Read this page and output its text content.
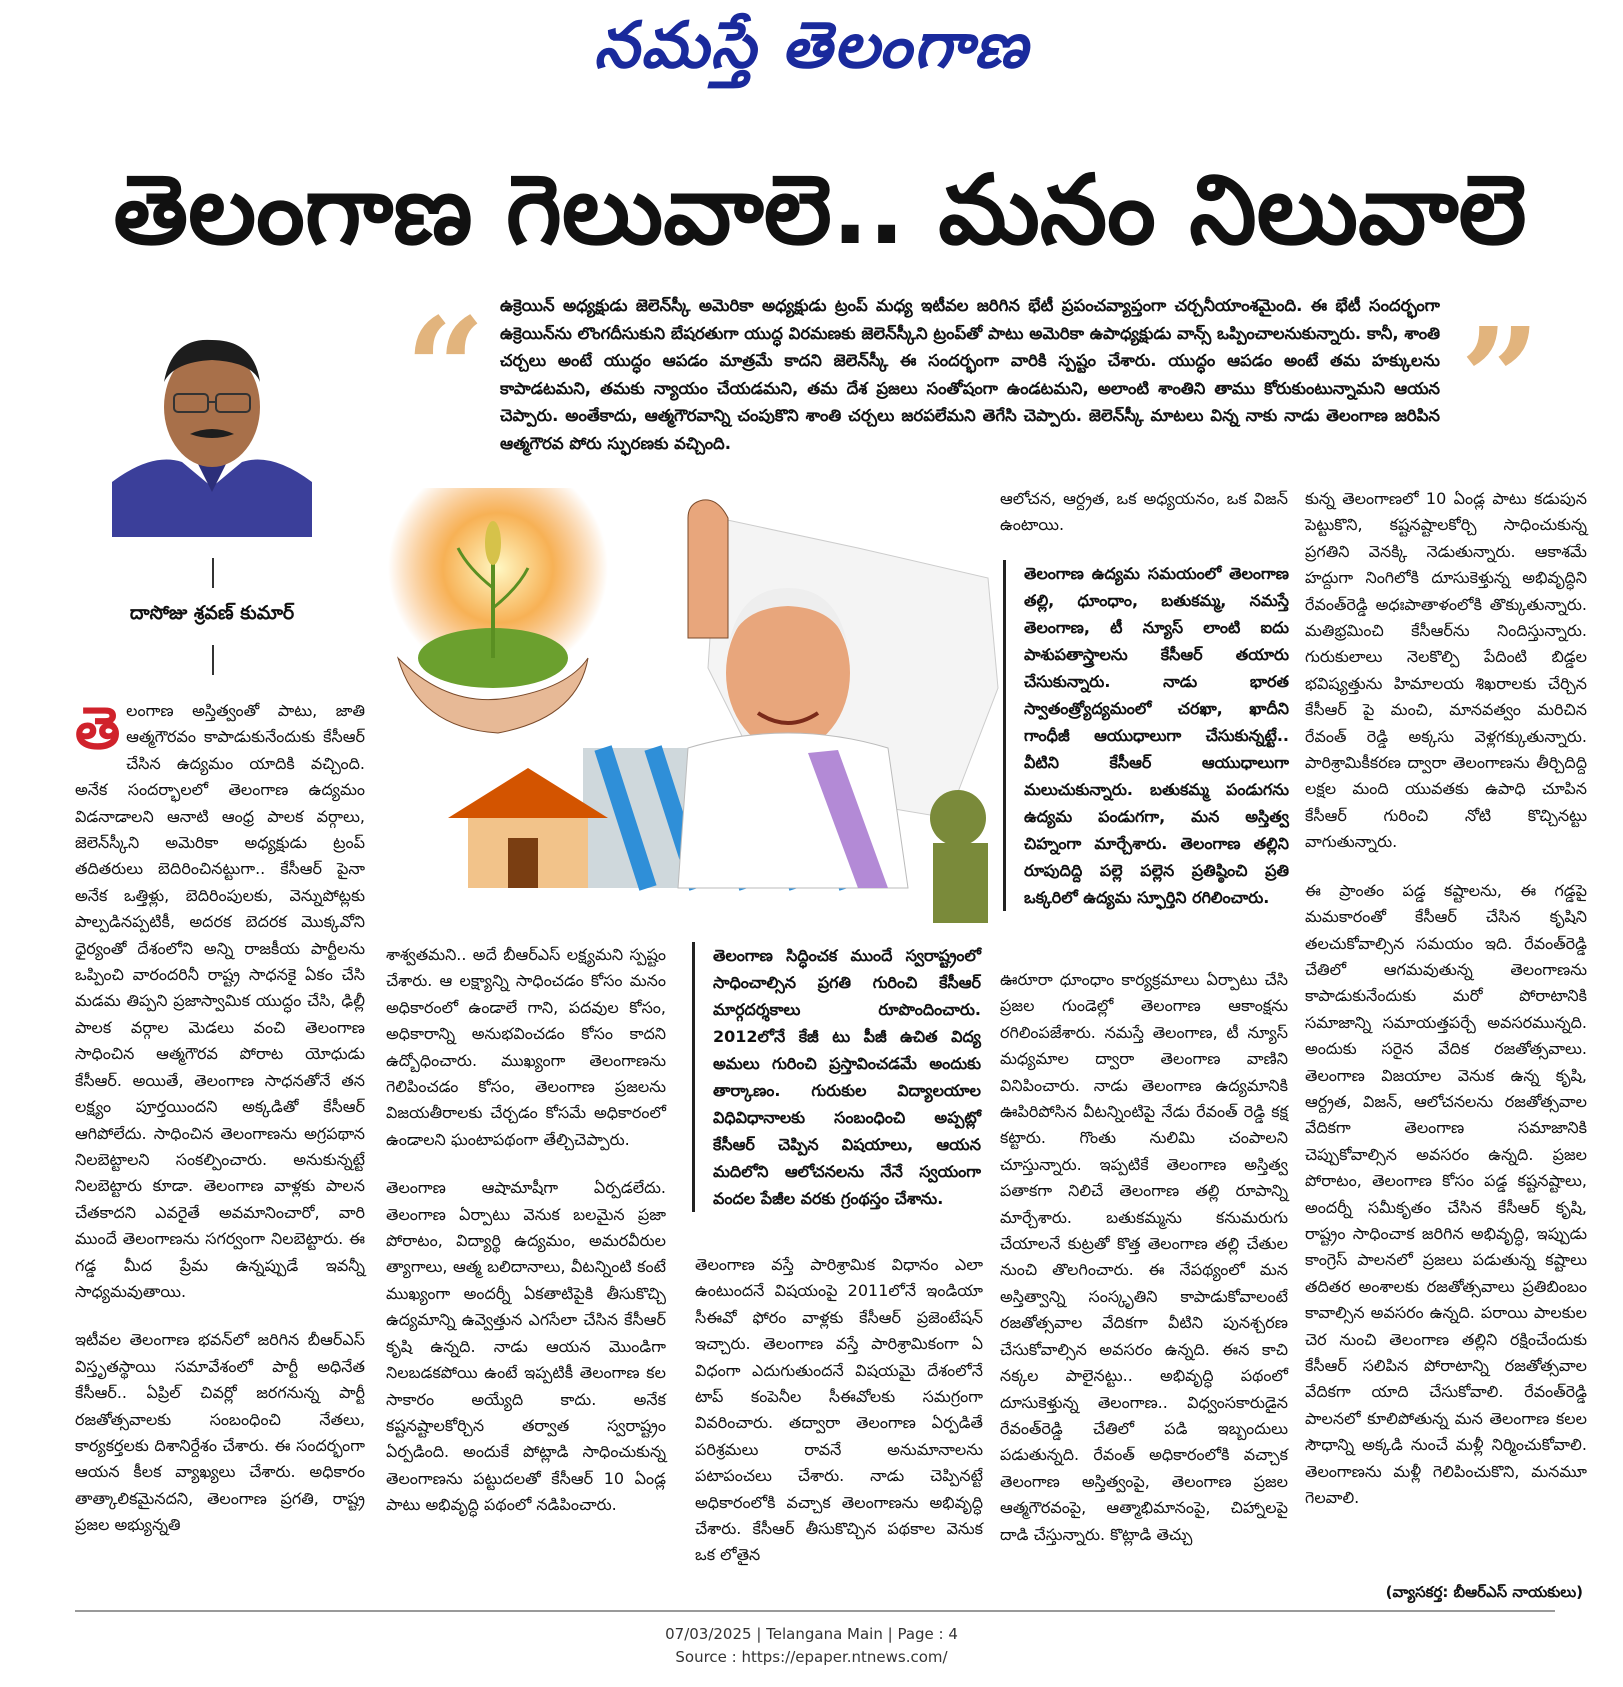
నమస్తే తెలంగాణ
తెలంగాణ గెలువాలె.. మనం నిలువాలె
“	”
ఉక్రెయిన్ అధ్యక్షుడు జెలెన్‌స్కీ అమెరికా అధ్యక్షుడు ట్రంప్ మధ్య ఇటీవల జరిగిన భేటీ ప్రపంచవ్యాప్తంగా చర్చనీయాంశమైంది. ఈ భేటీ సందర్భంగా ఉక్రెయిన్‌ను లొంగదీసుకుని బేషరతుగా యుద్ధ విరమణకు జెలెన్‌స్కీని ట్రంప్‌తో పాటు అమెరికా ఉపాధ్యక్షుడు వాన్స్ ఒప్పించాలనుకున్నారు. కానీ, శాంతి చర్చలు అంటే యుద్ధం ఆపడం మాత్రమే కాదని జెలెన్‌స్కీ ఈ సందర్భంగా వారికి స్పష్టం చేశారు. యుద్ధం ఆపడం అంటే తమ హక్కులను కాపాడటమని, తమకు న్యాయం చేయడమని, తమ దేశ ప్రజలు సంతోషంగా ఉండటమని, అలాంటి శాంతిని తాము కోరుకుంటున్నామని ఆయన చెప్పారు. అంతేకాదు, ఆత్మగౌరవాన్ని చంపుకొని శాంతి చర్చలు జరపలేమని తెగేసి చెప్పారు. జెలెన్‌స్కీ మాటలు విన్న నాకు నాడు తెలంగాణ జరిపిన ఆత్మగౌరవ పోరు స్ఫురణకు వచ్చింది.
దాసోజు శ్రవణ్ కుమార్

తెలంగాణ అస్తిత్వంతో పాటు, జాతి ఆత్మగౌరవం కాపాడుకునేందుకు కేసీఆర్ చేసిన ఉద్యమం యాదికి వచ్చింది. అనేక సందర్భాలలో తెలంగాణ ఉద్యమం విడనాడాలని ఆనాటి ఆంధ్ర పాలక వర్గాలు, జెలెన్‌స్కీని అమెరికా అధ్యక్షుడు ట్రంప్ తదితరులు బెదిరించినట్టుగా.. కేసీఆర్ పైనా అనేక ఒత్తిళ్లు, బెదిరింపులకు, వెన్నుపోట్లకు పాల్పడినప్పటికీ, అదరక బెదరక మొక్కవోని ధైర్యంతో దేశంలోని అన్ని రాజకీయ పార్టీలను ఒప్పించి వారందరినీ రాష్ట్ర సాధనకై ఏకం చేసి మడమ తిప్పని ప్రజాస్వామిక యుద్ధం చేసి, ఢిల్లీ పాలక వర్గాల మెడలు వంచి తెలంగాణ సాధించిన ఆత్మగౌరవ పోరాట యోధుడు కేసీఆర్. అయితే, తెలంగాణ సాధనతోనే తన లక్ష్యం పూర్తయిందని అక్కడితో కేసీఆర్ ఆగిపోలేదు. సాధించిన తెలంగాణను అగ్రపథాన నిలబెట్టాలని సంకల్పించారు. అనుకున్నట్టే నిలబెట్టారు కూడా. తెలంగాణ వాళ్లకు పాలన చేతకాదని ఎవరైతే అవమానించారో, వారి ముందే తెలంగాణను సగర్వంగా నిలబెట్టారు. ఈ గడ్డ మీద ప్రేమ ఉన్నప్పుడే ఇవన్నీ సాధ్యమవుతాయి.

ఇటీవల తెలంగాణ భవన్‌లో జరిగిన బీఆర్ఎస్ విస్తృతస్థాయి సమావేశంలో పార్టీ అధినేత కేసీఆర్.. ఏప్రిల్ చివర్లో జరగనున్న పార్టీ రజతోత్సవాలకు సంబంధించి నేతలు, కార్యకర్తలకు దిశానిర్దేశం చేశారు. ఈ సందర్భంగా ఆయన కీలక వ్యాఖ్యలు చేశారు. అధికారం తాత్కాలికమైనదని, తెలంగాణ ప్రగతి, రాష్ట్ర ప్రజల అభ్యున్నతి

శాశ్వతమని.. అదే బీఆర్ఎస్ లక్ష్యమని స్పష్టం చేశారు. ఆ లక్ష్యాన్ని సాధించడం కోసం మనం అధికారంలో ఉండాలే గాని, పదవుల కోసం, అధికారాన్ని అనుభవించడం కోసం కాదని ఉద్బోధించారు. ముఖ్యంగా తెలంగాణను గెలిపించడం కోసం, తెలంగాణ ప్రజలను విజయతీరాలకు చేర్చడం కోసమే అధికారంలో ఉండాలని ఘంటాపథంగా తేల్చిచెప్పారు.

తెలంగాణ ఆషామాషీగా ఏర్పడలేదు. తెలంగాణ ఏర్పాటు వెనుక బలమైన ప్రజా పోరాటం, విద్యార్థి ఉద్యమం, అమరవీరుల త్యాగాలు, ఆత్మ బలిదానాలు, వీటన్నింటి కంటే ముఖ్యంగా అందర్నీ ఏకతాటిపైకి తీసుకొచ్చి ఉద్యమాన్ని ఉవ్వెత్తున ఎగసేలా చేసిన కేసీఆర్ కృషి ఉన్నది. నాడు ఆయన మొండిగా నిలబడకపోయి ఉంటే ఇప్పటికీ తెలంగాణ కల సాకారం అయ్యేది కాదు. అనేక కష్టనష్టాలకోర్చిన తర్వాత స్వరాష్ట్రం ఏర్పడింది. అందుకే పోట్లాడి సాధించుకున్న తెలంగాణను పట్టుదలతో కేసీఆర్ 10 ఏండ్ల పాటు అభివృద్ధి పథంలో నడిపించారు.

తెలంగాణ సిద్ధించక ముందే స్వరాష్ట్రంలో సాధించాల్సిన ప్రగతి గురించి కేసీఆర్ మార్గదర్శకాలు రూపొందించారు. 2012లోనే కేజీ టు పీజీ ఉచిత విద్య అమలు గురించి ప్రస్తావించడమే అందుకు తార్కాణం. గురుకుల విద్యాలయాల విధివిధానాలకు సంబంధించి అప్పట్లో కేసీఆర్ చెప్పిన విషయాలు, ఆయన మదిలోని ఆలోచనలను నేనే స్వయంగా వందల పేజీల వరకు గ్రంథస్తం చేశాను.

తెలంగాణ వస్తే పారిశ్రామిక విధానం ఎలా ఉంటుందనే విషయంపై 2011లోనే ఇండియా సీఈవో ఫోరం వాళ్లకు కేసీఆర్ ప్రజెంటేషన్ ఇచ్చారు. తెలంగాణ వస్తే పారిశ్రామికంగా ఏ విధంగా ఎదుగుతుందనే విషయమై దేశంలోనే టాప్ కంపెనీల సీఈవోలకు సమగ్రంగా వివరించారు. తద్వారా తెలంగాణ ఏర్పడితే పరిశ్రమలు రావనే అనుమానాలను పటాపంచలు చేశారు. నాడు చెప్పినట్టే అధికారంలోకి వచ్చాక తెలంగాణను అభివృద్ధి చేశారు. కేసీఆర్ తీసుకొచ్చిన పథకాల వెనుక ఒక లోతైన

ఆలోచన, ఆర్ద్రత, ఒక అధ్యయనం, ఒక విజన్ ఉంటాయి.

తెలంగాణ ఉద్యమ సమయంలో తెలంగాణ తల్లి, ధూంధాం, బతుకమ్మ, నమస్తే తెలంగాణ, టీ న్యూస్ లాంటి ఐదు పాశుపతాస్త్రాలను కేసీఆర్ తయారు చేసుకున్నారు. నాడు భారత స్వాతంత్ర్యోద్యమంలో చరఖా, ఖాదీని గాంధీజీ ఆయుధాలుగా చేసుకున్నట్టే.. వీటిని కేసీఆర్ ఆయుధాలుగా మలుచుకున్నారు. బతుకమ్మ పండుగను ఉద్యమ పండుగగా, మన అస్తిత్వ చిహ్నంగా మార్చేశారు. తెలంగాణ తల్లిని రూపుదిద్ది పల్లె పల్లెన ప్రతిష్ఠించి ప్రతి ఒక్కరిలో ఉద్యమ స్ఫూర్తిని రగిలించారు.

ఊరూరా ధూంధాం కార్యక్రమాలు ఏర్పాటు చేసి ప్రజల గుండెల్లో తెలంగాణ ఆకాంక్షను రగిలింపజేశారు. నమస్తే తెలంగాణ, టీ న్యూస్ మధ్యమాల ద్వారా తెలంగాణ వాణిని వినిపించారు. నాడు తెలంగాణ ఉద్యమానికి ఊపిరిపోసిన వీటన్నింటిపై నేడు రేవంత్ రెడ్డి కక్ష కట్టారు. గొంతు నులిమి చంపాలని చూస్తున్నారు. ఇప్పటికే తెలంగాణ అస్తిత్వ పతాకగా నిలిచే తెలంగాణ తల్లి రూపాన్ని మార్చేశారు. బతుకమ్మను కనుమరుగు చేయాలనే కుట్రతో కొత్త తెలంగాణ తల్లి చేతుల నుంచి తొలగించారు. ఈ నేపథ్యంలో మన అస్తిత్వాన్ని సంస్కృతిని కాపాడుకోవాలంటే రజతోత్సవాల వేదికగా వీటిని పునశ్చరణ చేసుకోవాల్సిన అవసరం ఉన్నది. ఈన కాచి నక్కల పాలైనట్టు.. అభివృద్ధి పథంలో దూసుకెళ్తున్న తెలంగాణ.. విధ్వంసకారుడైన రేవంత్‌రెడ్డి చేతిలో పడి ఇబ్బందులు పడుతున్నది. రేవంత్ అధికారంలోకి వచ్చాక తెలంగాణ అస్తిత్వంపై, తెలంగాణ ప్రజల ఆత్మగౌరవంపై, ఆత్మాభిమానంపై, చిహ్నాలపై దాడి చేస్తున్నారు. కొట్లాడి తెచ్చు

కున్న తెలంగాణలో 10 ఏండ్ల పాటు కడుపున పెట్టుకొని, కష్టనష్టాలకోర్చి సాధించుకున్న ప్రగతిని వెనక్కి నెడుతున్నారు. ఆకాశమే హద్దుగా నింగిలోకి దూసుకెళ్తున్న అభివృద్ధిని రేవంత్‌రెడ్డి అధఃపాతాళంలోకి తొక్కుతున్నారు. మతిభ్రమించి కేసీఆర్‌ను నిందిస్తున్నారు. గురుకులాలు నెలకొల్పి పేదింటి బిడ్డల భవిష్యత్తును హిమాలయ శిఖరాలకు చేర్చిన కేసీఆర్ పై మంచి, మానవత్వం మరిచిన రేవంత్ రెడ్డి అక్కసు వెళ్లగక్కుతున్నారు. పారిశ్రామికీకరణ ద్వారా తెలంగాణను తీర్చిదిద్ది లక్షల మంది యువతకు ఉపాధి చూపిన కేసీఆర్ గురించి నోటి కొచ్చినట్టు వాగుతున్నారు.

ఈ ప్రాంతం పడ్డ కష్టాలను, ఈ గడ్డపై మమకారంతో కేసీఆర్ చేసిన కృషిని తలచుకోవాల్సిన సమయం ఇది. రేవంత్‌రెడ్డి చేతిలో ఆగమవుతున్న తెలంగాణను కాపాడుకునేందుకు మరో పోరాటానికి సమాజాన్ని సమాయత్తపర్చే అవసరమున్నది. అందుకు సరైన వేదిక రజతోత్సవాలు. తెలంగాణ విజయాల వెనుక ఉన్న కృషి, ఆర్ద్రత, విజన్, ఆలోచనలను రజతోత్సవాల వేదికగా తెలంగాణ సమాజానికి చెప్పుకోవాల్సిన అవసరం ఉన్నది. ప్రజల పోరాటం, తెలంగాణ కోసం పడ్డ కష్టనష్టాలు, అందర్నీ సమీకృతం చేసిన కేసీఆర్ కృషి, రాష్ట్రం సాధించాక జరిగిన అభివృద్ధి, ఇప్పుడు కాంగ్రెస్ పాలనలో ప్రజలు పడుతున్న కష్టాలు తదితర అంశాలకు రజతోత్సవాలు ప్రతిబింబం కావాల్సిన అవసరం ఉన్నది. పరాయి పాలకుల చెర నుంచి తెలంగాణ తల్లిని రక్షించేందుకు కేసీఆర్ సలిపిన పోరాటాన్ని రజతోత్సవాల వేదికగా యాది చేసుకోవాలి. రేవంత్‌రెడ్డి పాలనలో కూలిపోతున్న మన తెలంగాణ కలల సౌధాన్ని అక్కడి నుంచే మళ్లీ నిర్మించుకోవాలి. తెలంగాణను మళ్లీ గెలిపించుకొని, మనమూ గెలవాలి.

(వ్యాసకర్త: బీఆర్ఎస్ నాయకులు)
07/03/2025 | Telangana Main | Page : 4
Source : https://epaper.ntnews.com/
